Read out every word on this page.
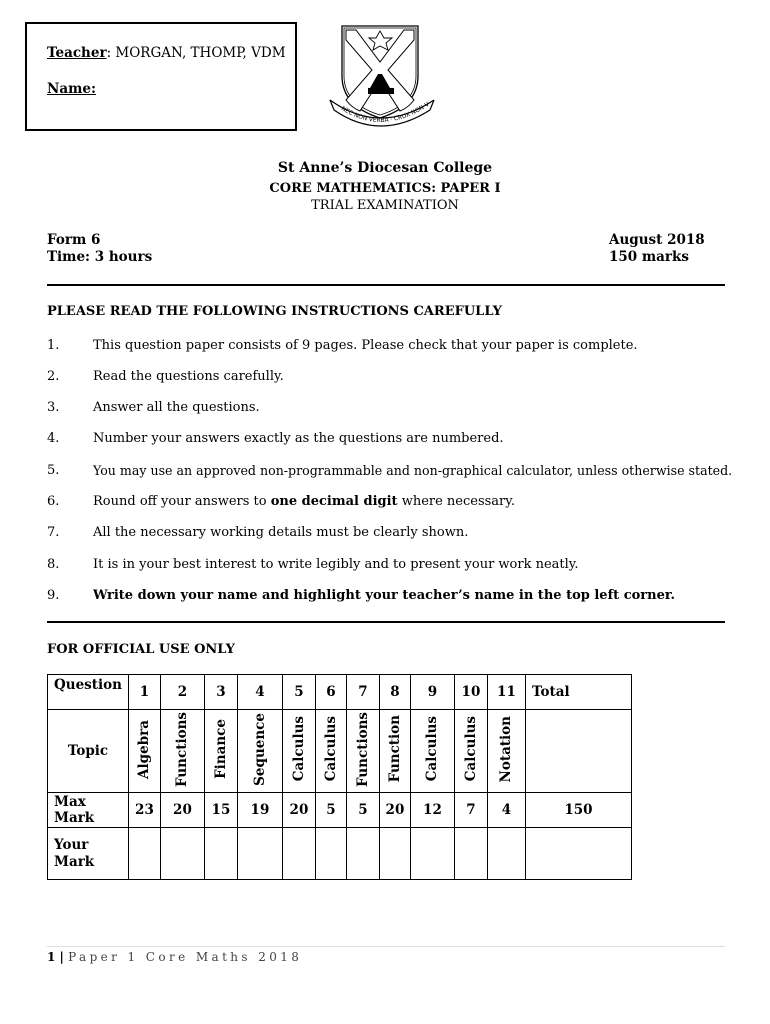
Teacher: MORGAN, THOMP, VDM
Name:
NEC NON VERBA · CRUX NON V
St Anne’s Diocesan College
CORE MATHEMATICS: PAPER I
TRIAL EXAMINATION
Form 6
Time: 3 hours
August 2018
150 marks
PLEASE READ THE FOLLOWING INSTRUCTIONS CAREFULLY
1.	This question paper consists of 9 pages. Please check that your paper is complete.
2.	Read the questions carefully.
3.	Answer all the questions.
4.	Number your answers exactly as the questions are numbered.
5.	You may use an approved non-programmable and non-graphical calculator, unless otherwise stated.
6.	Round off your answers to one decimal digit where necessary.
7.	All the necessary working details must be clearly shown.
8.	It is in your best interest to write legibly and to present your work neatly.
9.	Write down your name and highlight your teacher’s name in the top left corner.
FOR OFFICIAL USE ONLY
Question	1	2	3	4	5	6	7	8	9	10	11	Total
Topic	Algebra	Functions	Finance	Sequence	Calculus	Calculus	Functions	Function	Calculus	Calculus	Notation	
Max Mark	23	20	15	19	20	5	5	20	12	7	4	150
Your Mark												
1 | Paper 1 Core Maths 2018
